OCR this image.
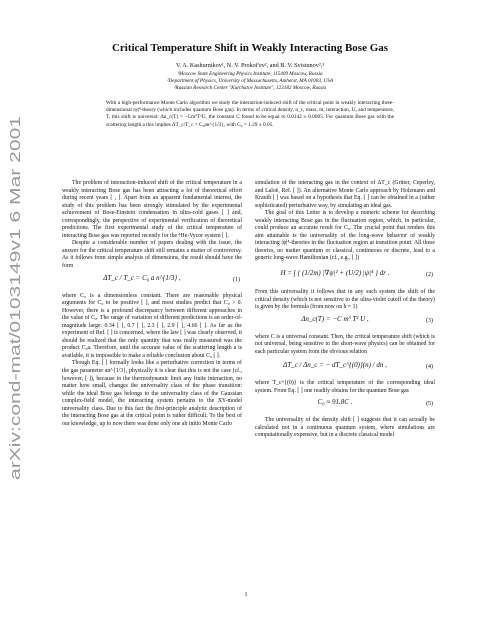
arXiv:cond-mat/0103149v1 6 Mar 2001
Critical Temperature Shift in Weakly Interacting Bose Gas
V. A. Kashurnikov¹, N. V. Prokof'ev², and B. V. Svistunov²,³
¹Moscow State Engineering Physics Institute, 115409 Moscow, Russia
²Department of Physics, University of Massachusetts, Amherst, MA 01003, USA
³Russian Research Center "Kurchatov Institute", 123182 Moscow, Russia
With a high-performance Monte Carlo algorithm we study the interaction-induced shift of the critical point in weakly interacting three-dimensional |ψ|⁴-theory (which includes quantum Bose gas). In terms of critical density, n_c, mass, m, interaction, U, and temperature, T, this shift is universal: Δn_c(T) = −Cm³T²U, the constant C found to be equal to 0.0142 ± 0.0005. For quantum Bose gas with the scattering length a this implies ΔT_c/T_c = C₀an^{1/3}, with C₀ = 1.29 ± 0.05.

The problem of interaction-induced shift of the critical temperature in a weakly interacting Bose gas has been attracting a lot of theoretical effort during recent years [ , ]. Apart from an apparent fundamental interest, the study of this problem has been strongly stimulated by the experimental achievement of Bose-Einstein condensation in ultra-cold gases [ ] and, correspondingly, the perspective of experimental verification of theoretical predictions. The first experimental study of the critical temperature of interacting Bose gas was reported recently for the ⁴He-Vycor system [ ].

Despite a considerable number of papers dealing with the issue, the answer for the critical temperature shift still remains a matter of controversy. As it follows from simple analysis of dimensions, the result should have the form

ΔT_c / T_c = C₀ a n^{1/3} ,	(1)

where C₀ is a dimensionless constant. There are reasonable physical arguments for C₀ to be positive [ ], and most studies predict that C₀ > 0. However, there is a profound discrepancy between different approaches in the value of C₀. The range of variation of different predictions is an order-of-magnitude large: 0.34 [ ], 0.7 [ ], 2.3 [ ], 2.9 [ ], 4.66 [ ]. As far as the experiment of Ref. [ ] is concerned, where the law [ ] was clearly observed, it should be realized that the only quantity that was really measured was the product C₀a. Therefore, until the accurate value of the scattering length a is available, it is impossible to make a reliable conclusion about C₀ [ ].

Though Eq. [ ] formally looks like a perturbative correction in terms of the gas parameter an^{1/3}, physically it is clear that this is not the case (cf., however, [ ]), because in the thermodynamic limit any finite interaction, no matter how small, changes the universality class of the phase transition: while the ideal Bose gas belongs to the universality class of the Gaussian complex-field model, the interacting system pertains to the XY-model universality class. Due to this fact the first-principle analytic description of the interacting Bose gas at the critical point is rather difficult. To the best of our knowledge, up to now there was done only one ab initio Monte Carlo

simulation of the interacting gas in the context of ΔT_c (Grüter, Ceperley, and Laloë, Ref. [ ]). An alternative Monte Carlo approach by Holzmann and Krauth [ ] was based on a hypothesis that Eq. [ ] can be obtained in a (rather sophisticated) perturbative way, by simulating an ideal gas.

The goal of this Letter is to develop a numeric scheme for describing weakly interacting Bose gas in the fluctuation region, which, in particular, could produce an accurate result for C₀. The crucial point that renders this aim attainable is the universality of the long-wave behavior of weakly interacting |ψ|⁴-theories in the fluctuation region at transition point. All these theories, no matter quantum or classical, continuous or discrete, lead to a generic long-wave Hamiltonian (cf., e.g., [ ])

H = ∫ { (1/2m) |∇ψ|² + (U/2) |ψ|⁴ } dr .	(2)

From this universality it follows that in any such system the shift of the critical density (which is not sensitive to the ultra-violet cutoff of the theory) is given by the formula (from now on ħ = 1)

Δn_c(T) = −C m³ T² U ,	(3)

where C is a universal constant. Then, the critical temperature shift (which is not universal, being sensitive to the short-wave physics) can be obtained for each particular system from the obvious relation

ΔT_c / Δn_c = − dT_c^{(0)}(n) / dn ,	(4)

where T_c^{(0)} is the critical temperature of the corresponding ideal system. From Eq. [ ] one readily obtains for the quantum Bose gas

C₀ ≈ 91.8C .	(5)

The universality of the density shift [ ] suggests that it can actually be calculated not in a continuous quantum system, where simulations are computationally expensive, but in a discrete classical model

1
